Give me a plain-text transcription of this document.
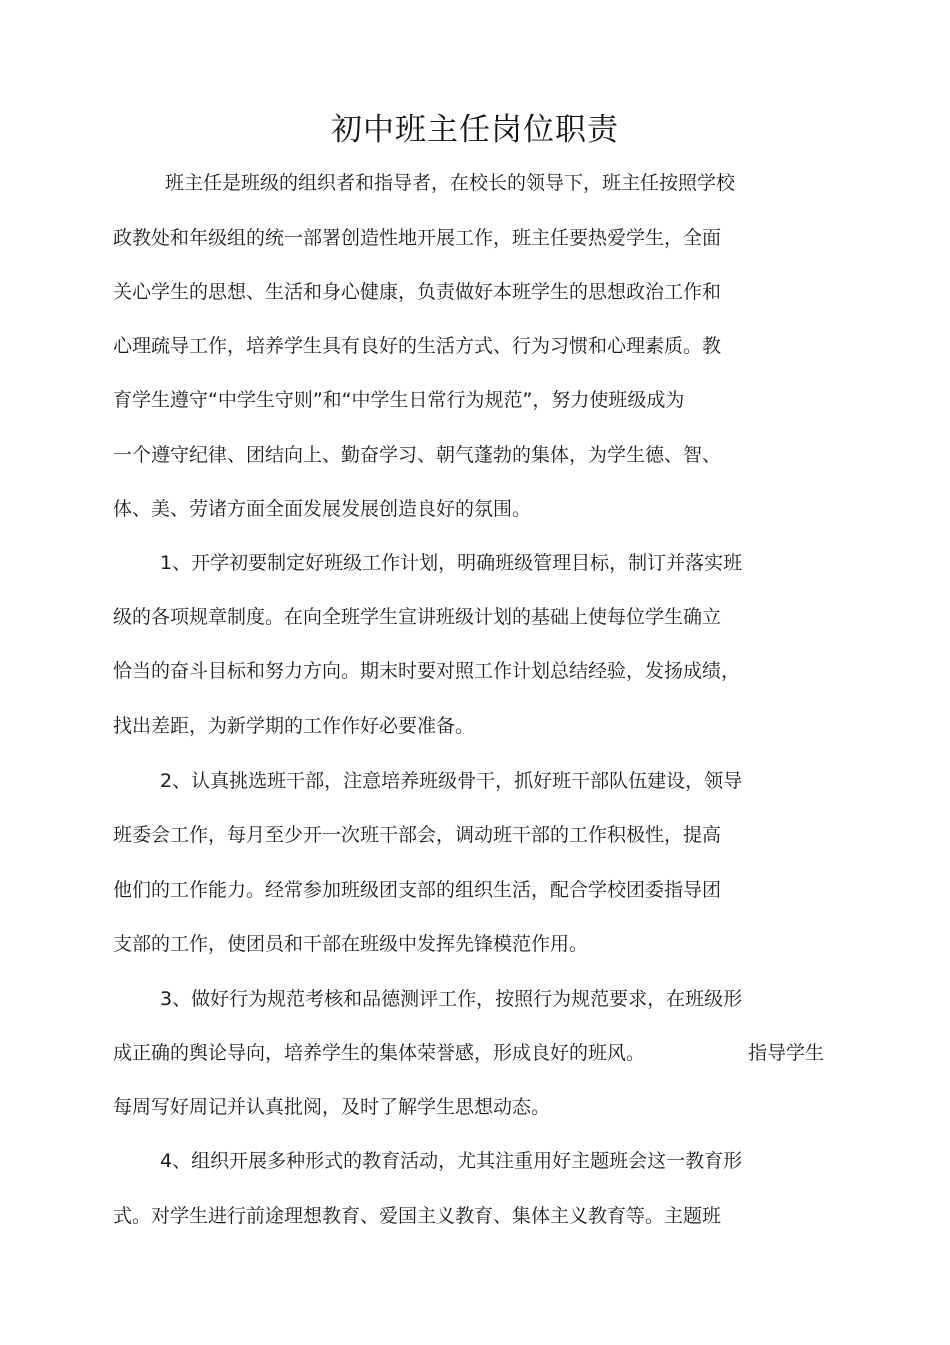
初中班主任岗位职责
班主任是班级的组织者和指导者，在校长的领导下，班主任按照学校
政教处和年级组的统一部署创造性地开展工作，班主任要热爱学生，全面
关心学生的思想、生活和身心健康，负责做好本班学生的思想政治工作和
心理疏导工作，培养学生具有良好的生活方式、行为习惯和心理素质。教
育学生遵守“中学生守则”和“中学生日常行为规范”，努力使班级成为
一个遵守纪律、团结向上、勤奋学习、朝气蓬勃的集体，为学生德、智、
体、美、劳诸方面全面发展发展创造良好的氛围。
1、开学初要制定好班级工作计划，明确班级管理目标，制订并落实班
级的各项规章制度。在向全班学生宣讲班级计划的基础上使每位学生确立
恰当的奋斗目标和努力方向。期末时要对照工作计划总结经验，发扬成绩，
找出差距，为新学期的工作作好必要准备。
2、认真挑选班干部，注意培养班级骨干，抓好班干部队伍建设，领导
班委会工作，每月至少开一次班干部会，调动班干部的工作积极性，提高
他们的工作能力。经常参加班级团支部的组织生活，配合学校团委指导团
支部的工作，使团员和干部在班级中发挥先锋模范作用。
3、做好行为规范考核和品德测评工作，按照行为规范要求，在班级形
成正确的舆论导向，培养学生的集体荣誉感，形成良好的班风。	指导学生
每周写好周记并认真批阅，及时了解学生思想动态。
4、组织开展多种形式的教育活动，尤其注重用好主题班会这一教育形
式。对学生进行前途理想教育、爱国主义教育、集体主义教育等。主题班
